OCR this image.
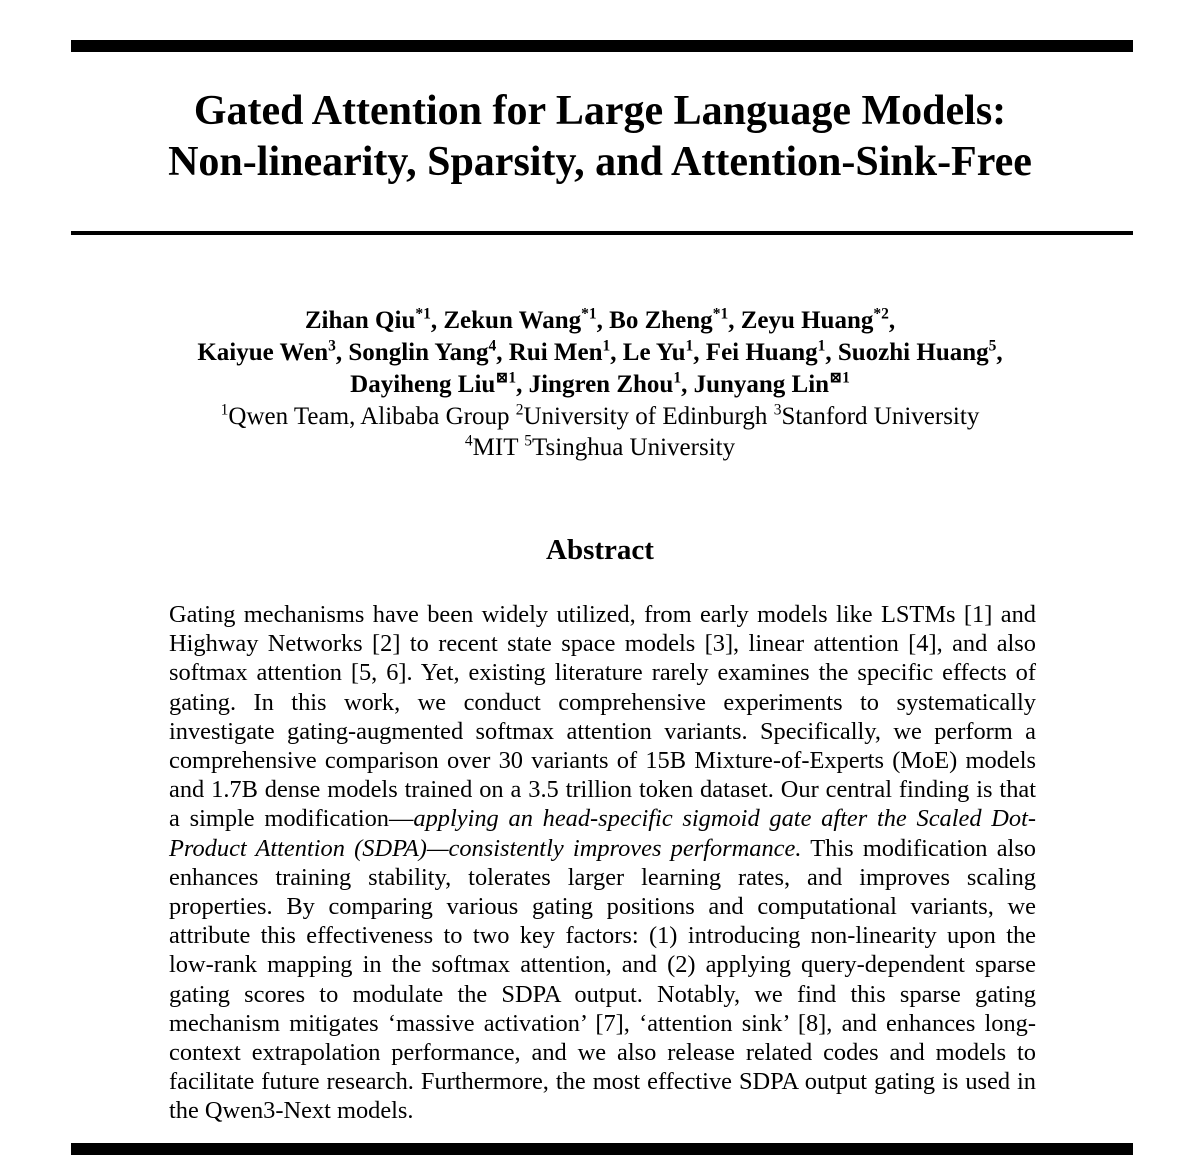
Gated Attention for Large Language Models:
Non-linearity, Sparsity, and Attention-Sink-Free
Zihan Qiu$^{*1}$, Zekun Wang$^{*1}$, Bo Zheng$^{*1}$, Zeyu Huang$^{*2}$,
Kaiyue Wen$^3$, Songlin Yang$^4$, Rui Men$^1$, Le Yu$^1$, Fei Huang$^1$, Suozhi Huang$^5$,
Dayiheng Liu$^{⊠1}$, Jingren Zhou$^1$, Junyang Lin$^{⊠1}$
$^1$Qwen Team, Alibaba Group $^2$University of Edinburgh $^3$Stanford University
$^4$MIT $^5$Tsinghua University
Abstract

Gating mechanisms have been widely utilized, from early models like LSTMs [1] and Highway Networks [2] to recent state space models [3], linear attention [4], and also softmax attention [5, 6]. Yet, existing literature rarely examines the specific effects of gating. In this work, we conduct comprehensive experiments to systematically investigate gating-augmented softmax attention variants. Specifically, we perform a comprehensive comparison over 30 variants of 15B Mixture-of-Experts (MoE) models and 1.7B dense models trained on a 3.5 trillion token dataset. Our central finding is that a simple modification—applying an head-specific sigmoid gate after the Scaled Dot-Product Attention (SDPA)—consistently improves performance. This modification also enhances training stability, tolerates larger learning rates, and improves scaling properties. By comparing various gating positions and computational variants, we attribute this effectiveness to two key factors: (1) introducing non-linearity upon the low-rank mapping in the softmax attention, and (2) applying query-dependent sparse gating scores to modulate the SDPA output. Notably, we find this sparse gating mechanism mitigates ‘massive activation’ [7], ‘attention sink’ [8], and enhances long-context extrapolation performance, and we also release related codes and models to facilitate future research. Furthermore, the most effective SDPA output gating is used in the Qwen3-Next models.
